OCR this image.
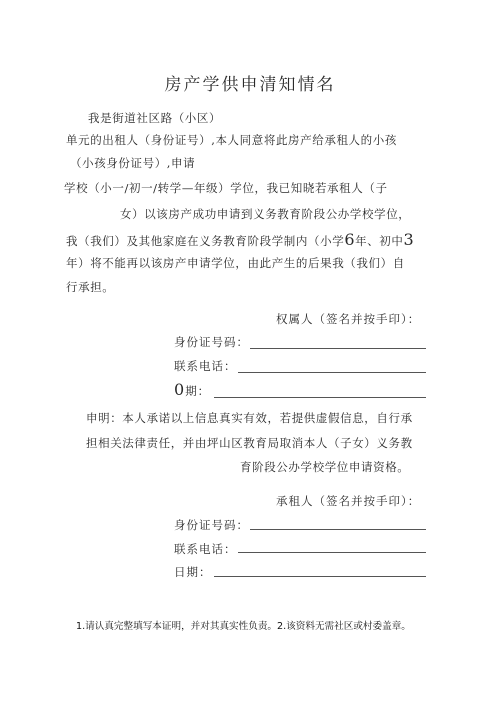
房产学供申清知情名
我是街道社区路（小区）
单元的出租人（身份证号）,本人同意将此房产给承租人的小孩
（小孩身份证号）,申请
学校（小一/初一/转学—年级）学位，我已知晓若承租人（子
女）以该房产成功申请到义务教育阶段公办学校学位，
我（我们）及其他家庭在义务教育阶段学制内（小学6年、初中3
年）将不能再以该房产申请学位，由此产生的后果我（我们）自
行承担。
权属人（签名并按手印）：
身份证号码：
联系电话：
0期：
申明：本人承诺以上信息真实有效，若提供虚假信息，自行承
担相关法律责任，并由坪山区教育局取消本人（子女）义务教
育阶段公办学校学位申请资格。
承租人（签名并按手印）：
身份证号码：
联系电话：
日期：
1.请认真完整填写本证明，并对其真实性负责。2.该资料无需社区或村委盖章。
